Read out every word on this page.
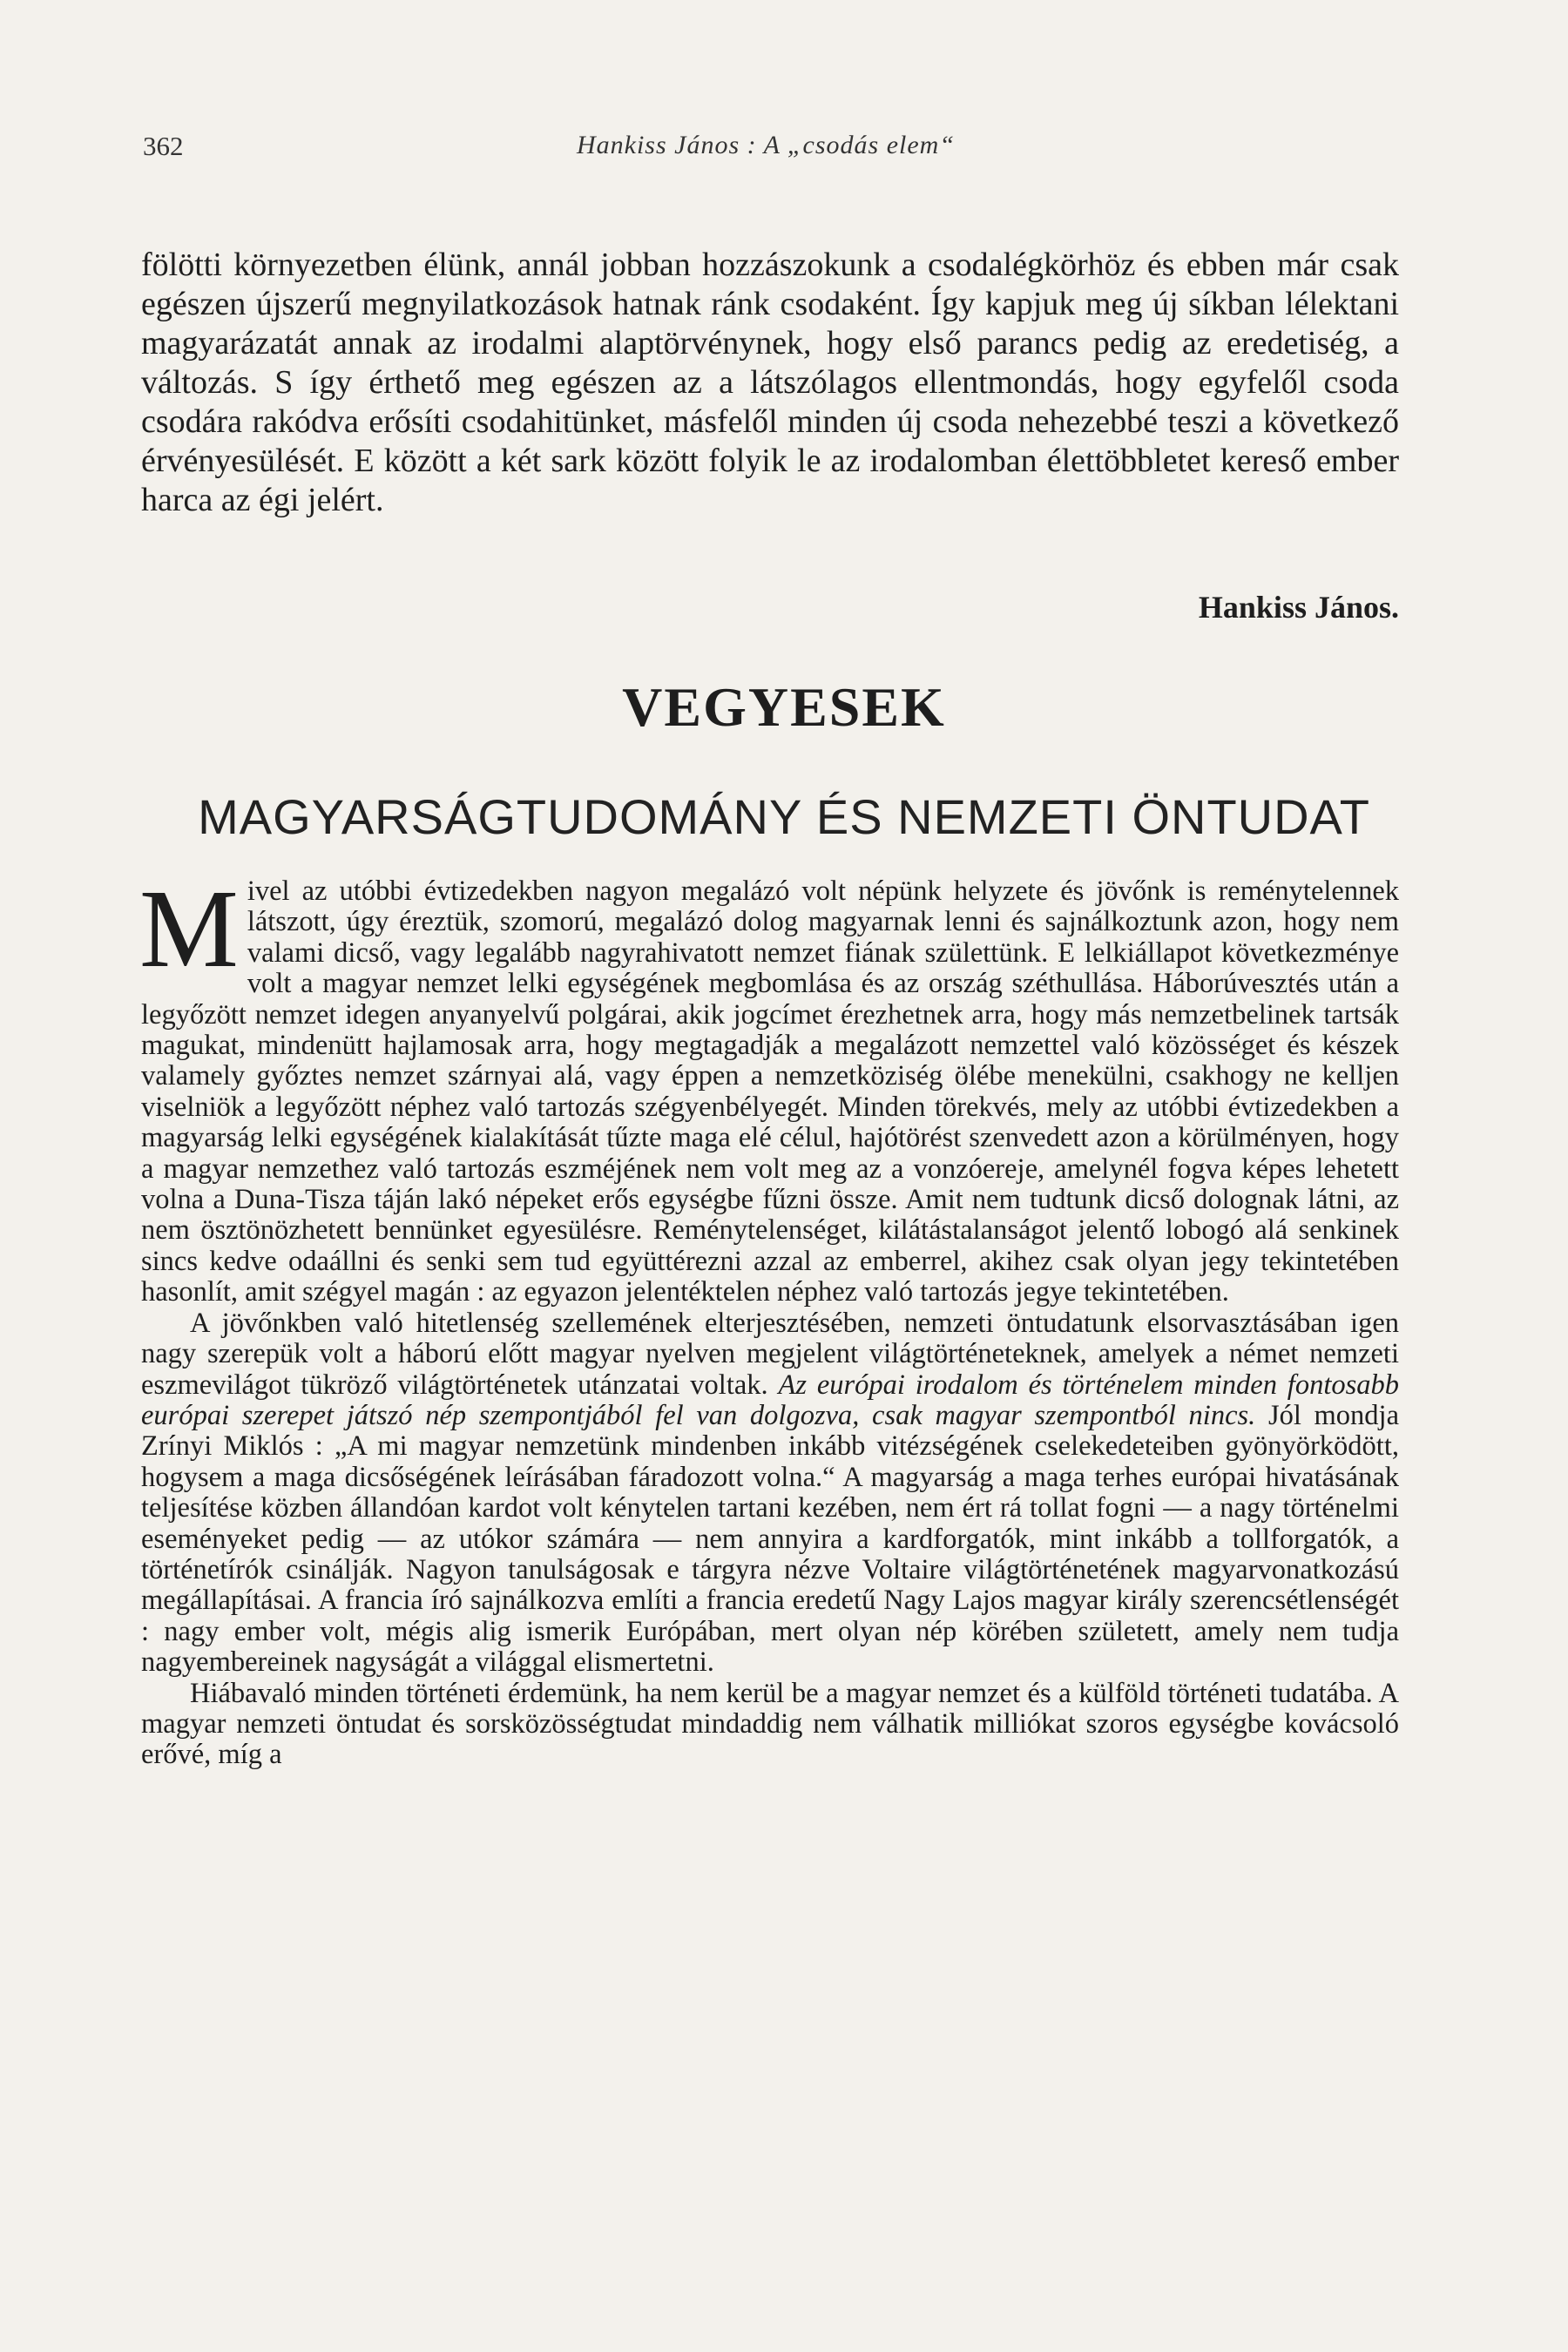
362	Hankiss János : A „csodás elem“
fölötti környezetben élünk, annál jobban hozzászokunk a csodalégkörhöz és ebben már csak egészen újszerű megnyilatkozások hatnak ránk csodaként. Így kapjuk meg új síkban lélektani magyarázatát annak az irodalmi alaptörvénynek, hogy első parancs pedig az eredetiség, a változás. S így érthető meg egészen az a látszólagos ellentmondás, hogy egyfelől csoda csodára rakódva erősíti csodahitünket, másfelől minden új csoda nehezebbé teszi a következő érvényesülését. E között a két sark között folyik le az irodalomban élettöbbletet kereső ember harca az égi jelért.
Hankiss János.
VEGYESEK
MAGYARSÁGTUDOMÁNY ÉS NEMZETI ÖNTUDAT

Mivel az utóbbi évtizedekben nagyon megalázó volt népünk helyzete és jövőnk is reménytelennek látszott, úgy éreztük, szomorú, megalázó dolog magyarnak lenni és sajnálkoztunk azon, hogy nem valami dicső, vagy legalább nagyrahivatott nemzet fiának születtünk. E lelkiállapot következménye volt a magyar nemzet lelki egységének megbomlása és az ország széthullása. Háborúvesztés után a legyőzött nemzet idegen anyanyelvű polgárai, akik jogcímet érezhetnek arra, hogy más nemzetbelinek tartsák magukat, mindenütt hajlamosak arra, hogy megtagadják a megalázott nemzettel való közösséget és készek valamely győztes nemzet szárnyai alá, vagy éppen a nemzetköziség ölébe menekülni, csakhogy ne kelljen viselniök a legyőzött néphez való tartozás szégyenbélyegét. Minden törekvés, mely az utóbbi évtizedekben a magyarság lelki egységének kialakítását tűzte maga elé célul, hajótörést szenvedett azon a körülményen, hogy a magyar nemzethez való tartozás eszméjének nem volt meg az a vonzóereje, amelynél fogva képes lehetett volna a Duna-Tisza táján lakó népeket erős egységbe fűzni össze. Amit nem tudtunk dicső dolognak látni, az nem ösztönözhetett bennünket egyesülésre. Reménytelenséget, kilátástalanságot jelentő lobogó alá senkinek sincs kedve odaállni és senki sem tud együttérezni azzal az emberrel, akihez csak olyan jegy tekintetében hasonlít, amit szégyel magán : az egyazon jelentéktelen néphez való tartozás jegye tekintetében.

A jövőnkben való hitetlenség szellemének elterjesztésében, nemzeti öntudatunk elsorvasztásában igen nagy szerepük volt a háború előtt magyar nyelven megjelent világtörténeteknek, amelyek a német nemzeti eszmevilágot tükröző világtörténetek utánzatai voltak. Az európai irodalom és történelem minden fontosabb európai szerepet játszó nép szempontjából fel van dolgozva, csak magyar szempontból nincs. Jól mondja Zrínyi Miklós : „A mi magyar nemzetünk mindenben inkább vitézségének cselekedeteiben gyönyörködött, hogysem a maga dicsőségének leírásában fáradozott volna.“ A magyarság a maga terhes európai hivatásának teljesítése közben állandóan kardot volt kénytelen tartani kezében, nem ért rá tollat fogni — a nagy történelmi eseményeket pedig — az utókor számára — nem annyira a kardforgatók, mint inkább a tollforgatók, a történetírók csinálják. Nagyon tanulságosak e tárgyra nézve Voltaire világtörténetének magyarvonatkozású megállapításai. A francia író sajnálkozva említi a francia eredetű Nagy Lajos magyar király szerencsétlenségét : nagy ember volt, mégis alig ismerik Európában, mert olyan nép körében született, amely nem tudja nagyembereinek nagyságát a világgal elismertetni.

Hiábavaló minden történeti érdemünk, ha nem kerül be a magyar nemzet és a külföld történeti tudatába. A magyar nemzeti öntudat és sorsközösségtudat mindaddig nem válhatik milliókat szoros egységbe kovácsoló erővé, míg a
